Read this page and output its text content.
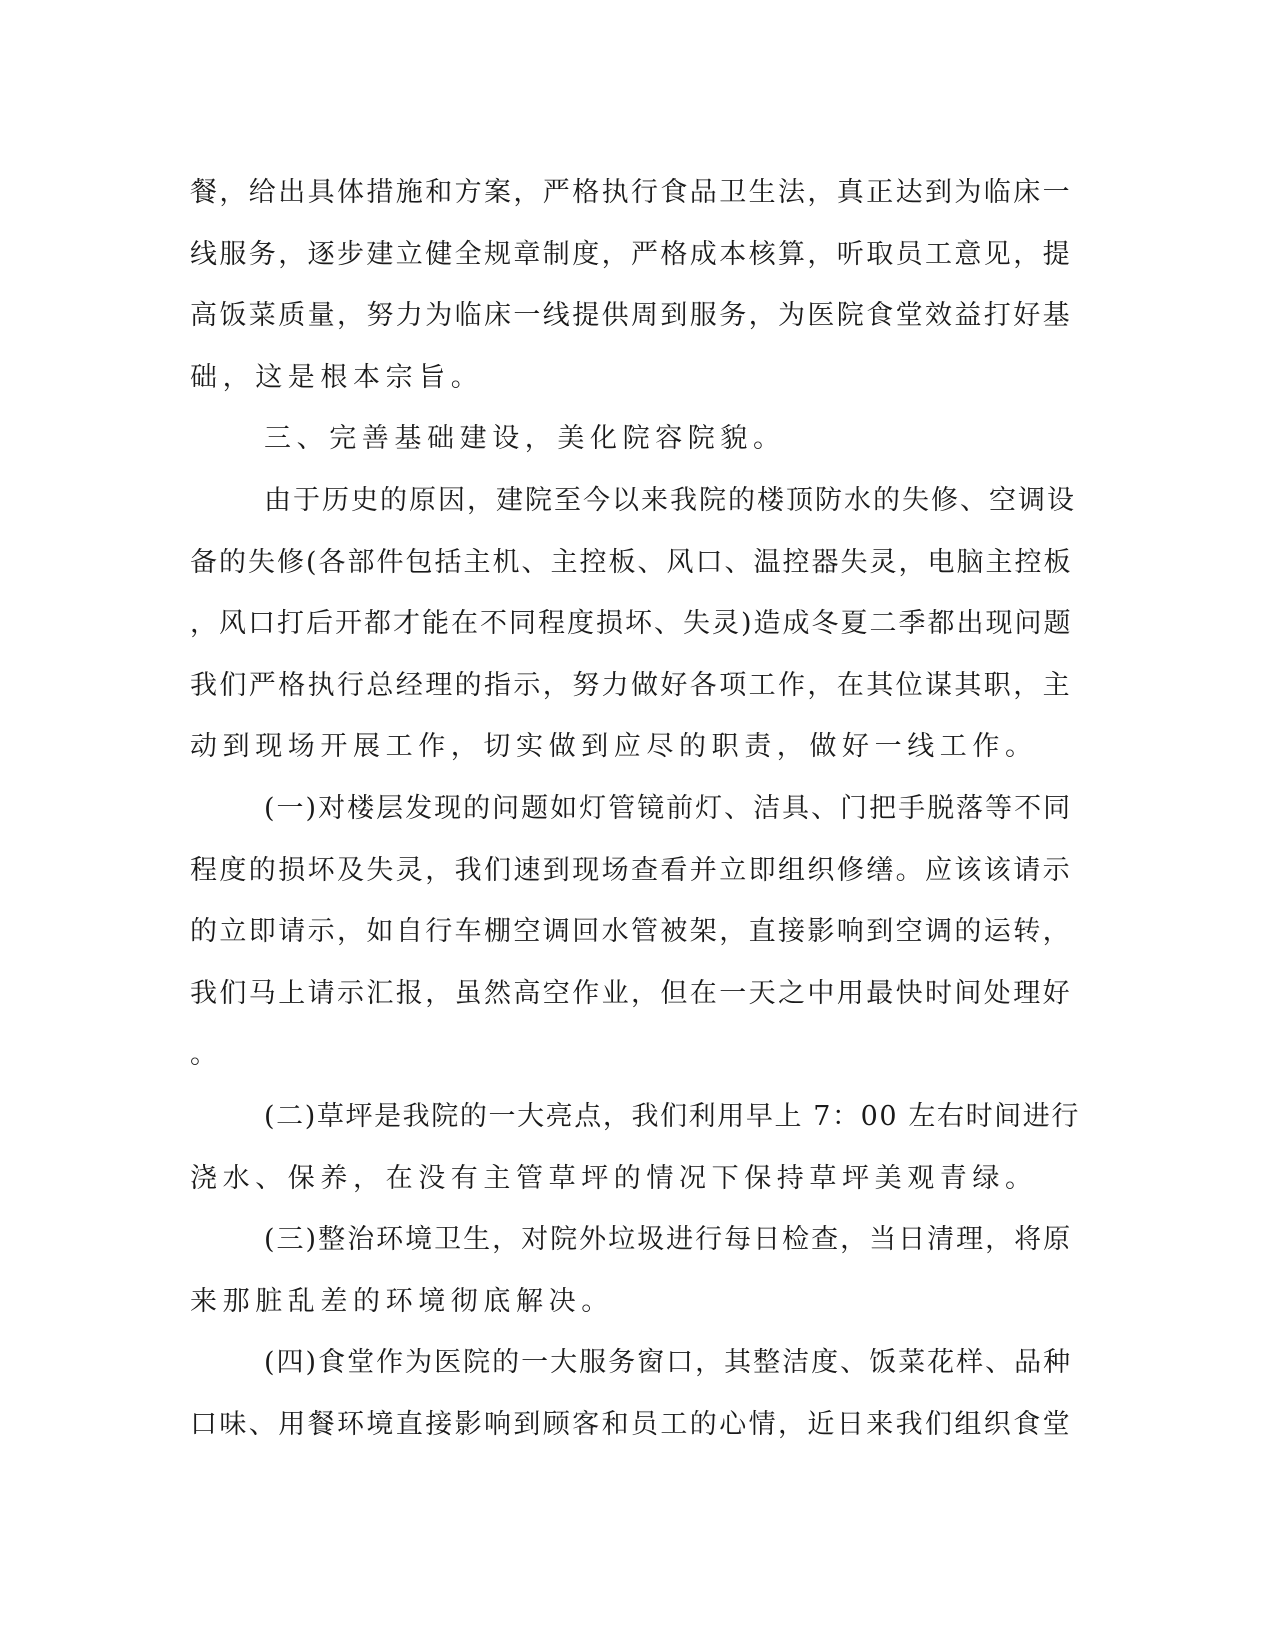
餐，给出具体措施和方案，严格执行食品卫生法，真正达到为临床一
线服务，逐步建立健全规章制度，严格成本核算，听取员工意见，提
高饭菜质量，努力为临床一线提供周到服务，为医院食堂效益打好基
础，这是根本宗旨。
三、完善基础建设，美化院容院貌。
由于历史的原因，建院至今以来我院的楼顶防水的失修、空调设
备的失修(各部件包括主机、主控板、风口、温控器失灵，电脑主控板
，风口打后开都才能在不同程度损坏、失灵)造成冬夏二季都出现问题
我们严格执行总经理的指示，努力做好各项工作，在其位谋其职，主
动到现场开展工作，切实做到应尽的职责，做好一线工作。
(一)对楼层发现的问题如灯管镜前灯、洁具、门把手脱落等不同
程度的损坏及失灵，我们速到现场查看并立即组织修缮。应该该请示
的立即请示，如自行车棚空调回水管被架，直接影响到空调的运转，
我们马上请示汇报，虽然高空作业，但在一天之中用最快时间处理好
。
(二)草坪是我院的一大亮点，我们利用早上 7：00 左右时间进行
浇水、保养，在没有主管草坪的情况下保持草坪美观青绿。
(三)整治环境卫生，对院外垃圾进行每日检查，当日清理，将原
来那脏乱差的环境彻底解决。
(四)食堂作为医院的一大服务窗口，其整洁度、饭菜花样、品种
口味、用餐环境直接影响到顾客和员工的心情，近日来我们组织食堂
